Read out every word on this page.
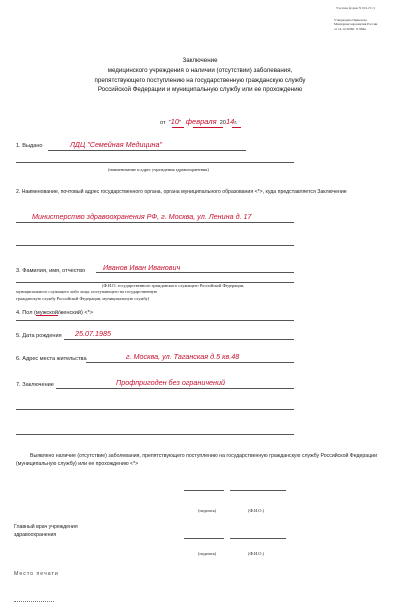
Учетная форма N 001-ГС/у
Утверждена Приказом
Минздравсоцразвития России
от 14.12.2009г. N 984н
Заключение
медицинского учреждения о наличии (отсутствии) заболевания,
препятствующего поступлению на государственную гражданскую службу
Российской Федерации и муниципальную службу или ее прохождению
от  "10"   февраля 2014г.
1. Выдано	ЛДЦ "Семейная Медицина"
(наименование и адрес учреждения здравоохранения)
2. Наименование, почтовый адрес государственного органа, органа муниципального образования <*>, куда представляется Заключение
Министерство здравоохранения РФ, г. Москва, ул. Ленина д. 17
3. Фамилия, имя, отчество Иванов Иван Иванович
(Ф.И.О. государственного гражданского служащего Российской Федерации,
муниципального служащего либо лица, поступающего на государственную
гражданскую службу Российской Федерации, муниципальную службу)
4. Пол (мужской/женский) <*>
5. Дата рождения 25.07.1985
6. Адрес места жительства	г. Москва, ул. Таганская д.5 кв.48
7. Заключение	Профпригоден без ограничений
Выявлено наличие (отсутствие) заболевания, препятствующего поступлению на государственную гражданскую службу Российской Федерации
(муниципальную службу) или ее прохождению <*>
(подпись)	(Ф.И.О.)
Главный врач учреждения
здравоохранения
(подпись)	(Ф.И.О.)
Место печати
